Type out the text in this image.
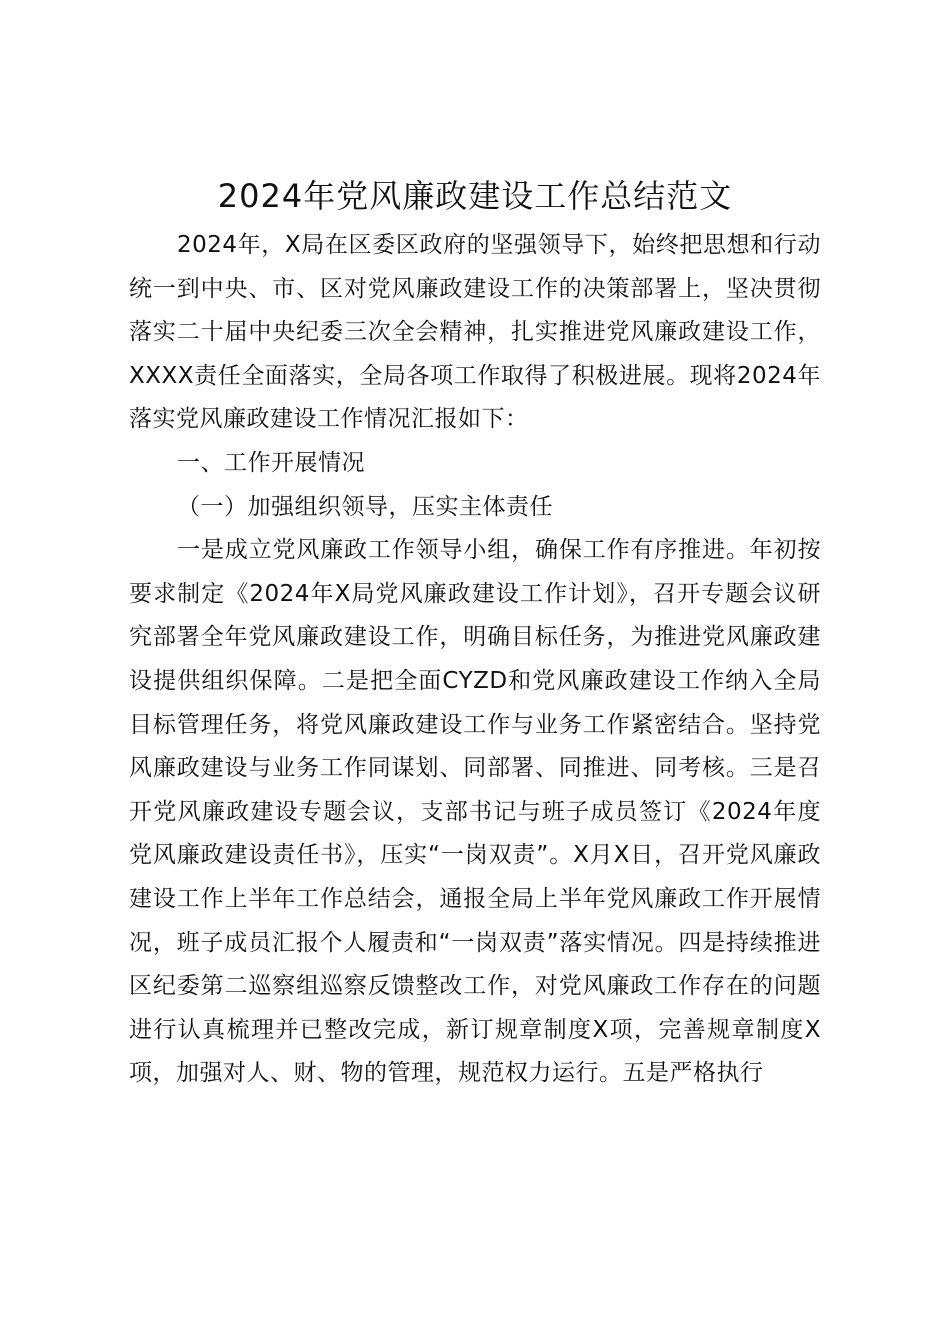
2024年党风廉政建设工作总结范文

2024年，X局在区委区政府的坚强领导下，始终把思想和行动统一到中央、市、区对党风廉政建设工作的决策部署上，坚决贯彻落实二十届中央纪委三次全会精神，扎实推进党风廉政建设工作，XXXX责任全面落实，全局各项工作取得了积极进展。现将2024年落实党风廉政建设工作情况汇报如下：

一、工作开展情况

（一）加强组织领导，压实主体责任

一是成立党风廉政工作领导小组，确保工作有序推进。年初按要求制定《2024年X局党风廉政建设工作计划》，召开专题会议研究部署全年党风廉政建设工作，明确目标任务，为推进党风廉政建设提供组织保障。二是把全面CYZD和党风廉政建设工作纳入全局目标管理任务，将党风廉政建设工作与业务工作紧密结合。坚持党风廉政建设与业务工作同谋划、同部署、同推进、同考核。三是召开党风廉政建设专题会议，支部书记与班子成员签订《2024年度党风廉政建设责任书》，压实“一岗双责”。X月X日，召开党风廉政建设工作上半年工作总结会，通报全局上半年党风廉政工作开展情况，班子成员汇报个人履责和“一岗双责”落实情况。四是持续推进区纪委第二巡察组巡察反馈整改工作，对党风廉政工作存在的问题进行认真梳理并已整改完成，新订规章制度X项，完善规章制度X项，加强对人、财、物的管理，规范权力运行。五是严格执行
